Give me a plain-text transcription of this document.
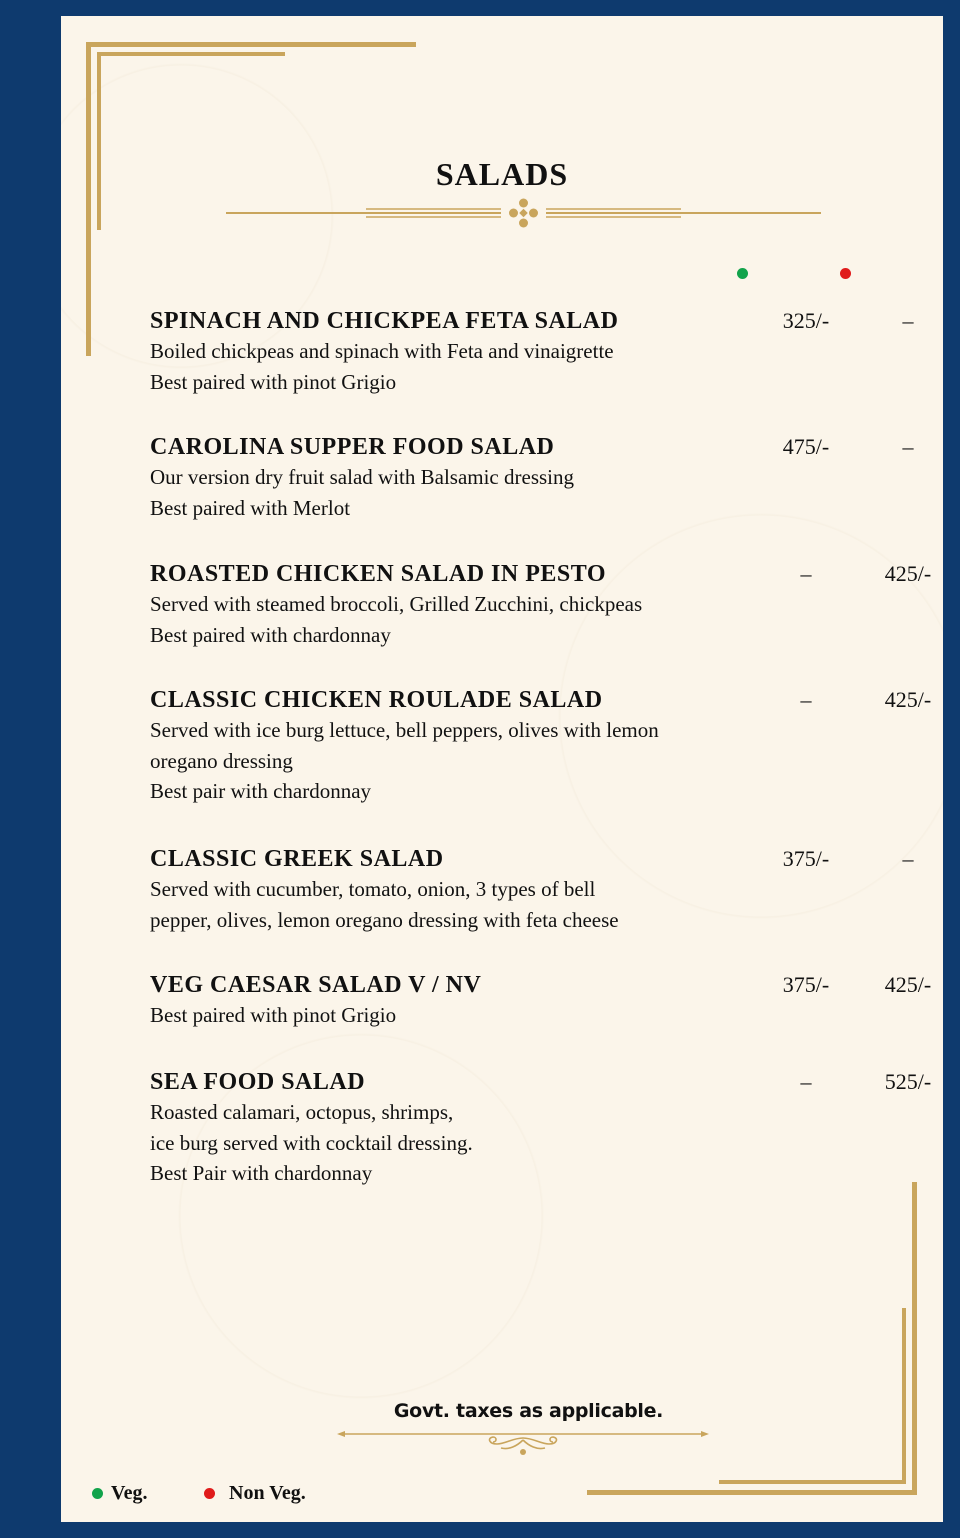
SALADS
SPINACH AND CHICKPEA FETA SALAD
Boiled chickpeas and spinach with Feta and vinaigrette
Best paired with pinot Grigio
325/-	–
CAROLINA SUPPER FOOD SALAD
Our version dry fruit salad with Balsamic dressing
Best paired with Merlot
475/-	–
ROASTED CHICKEN SALAD IN PESTO
Served with steamed broccoli, Grilled Zucchini, chickpeas
Best paired with chardonnay
–	425/-
CLASSIC CHICKEN ROULADE SALAD
Served with ice burg lettuce, bell peppers, olives with lemon
oregano dressing
Best pair with chardonnay
–	425/-
CLASSIC GREEK SALAD
Served with cucumber, tomato, onion, 3 types of bell
pepper, olives, lemon oregano dressing with feta cheese
375/-	–
VEG CAESAR SALAD V / NV
Best paired with pinot Grigio
375/-	425/-
SEA FOOD SALAD
Roasted calamari, octopus, shrimps,
ice burg served with cocktail dressing.
Best Pair with chardonnay
–	525/-
Govt. taxes as applicable.
Veg.	Non Veg.
